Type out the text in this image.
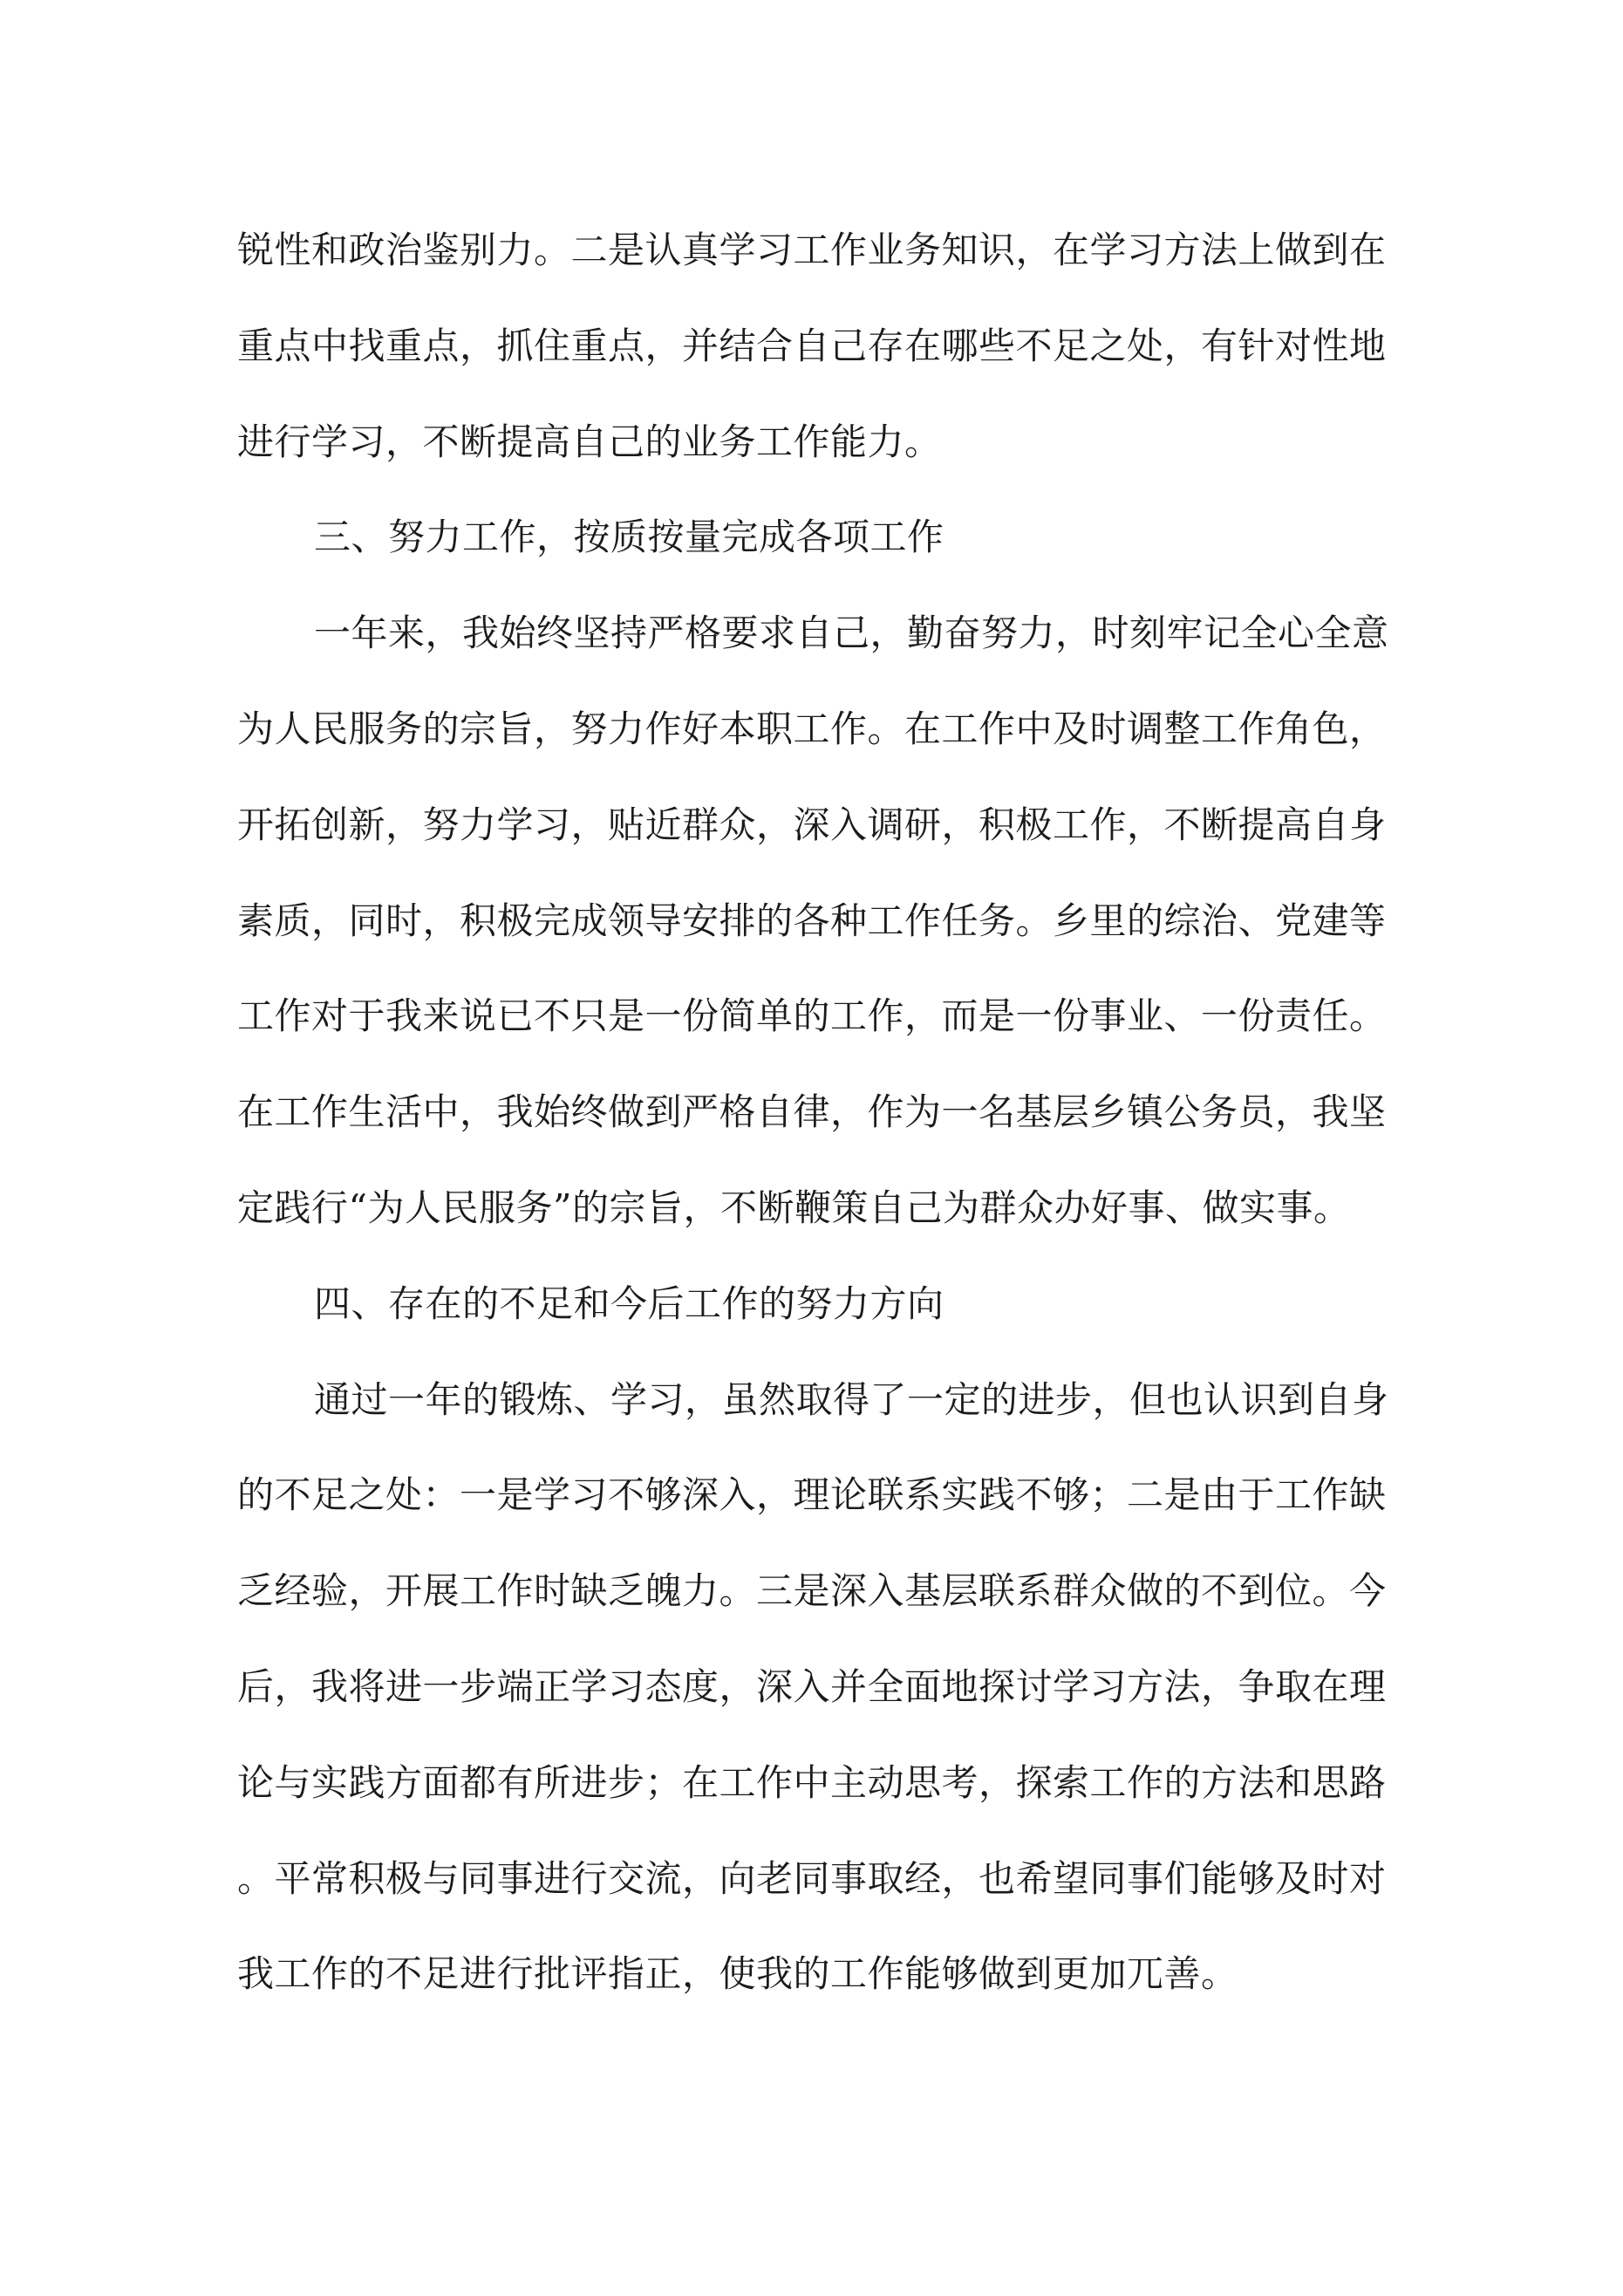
锐性和政治鉴别力。二是认真学习工作业务知识，在学习方法上做到在
重点中找重点，抓住重点，并结合自己存在哪些不足之处，有针对性地
进行学习，不断提高自己的业务工作能力。
三、努力工作，按质按量完成各项工作
一年来，我始终坚持严格要求自己，勤奋努力，时刻牢记全心全意
为人民服务的宗旨，努力作好本职工作。在工作中及时调整工作角色，
开拓创新，努力学习，贴近群众，深入调研，积极工作，不断提高自身
素质，同时，积极完成领导安排的各种工作任务。乡里的综治、党建等
工作对于我来说已不只是一份简单的工作，而是一份事业、一份责任。
在工作生活中，我始终做到严格自律，作为一名基层乡镇公务员，我坚
定践行“为人民服务”的宗旨，不断鞭策自己为群众办好事、做实事。
四、存在的不足和今后工作的努力方向
通过一年的锻炼、学习，虽然取得了一定的进步，但也认识到自身
的不足之处：一是学习不够深入，理论联系实践不够；二是由于工作缺
乏经验，开展工作时缺乏魄力。三是深入基层联系群众做的不到位。今
后，我将进一步端正学习态度，深入并全面地探讨学习方法，争取在理
论与实践方面都有所进步；在工作中主动思考，探索工作的方法和思路
。平常积极与同事进行交流，向老同事取经，也希望同事们能够及时对
我工作的不足进行批评指正，使我的工作能够做到更加兀善。
